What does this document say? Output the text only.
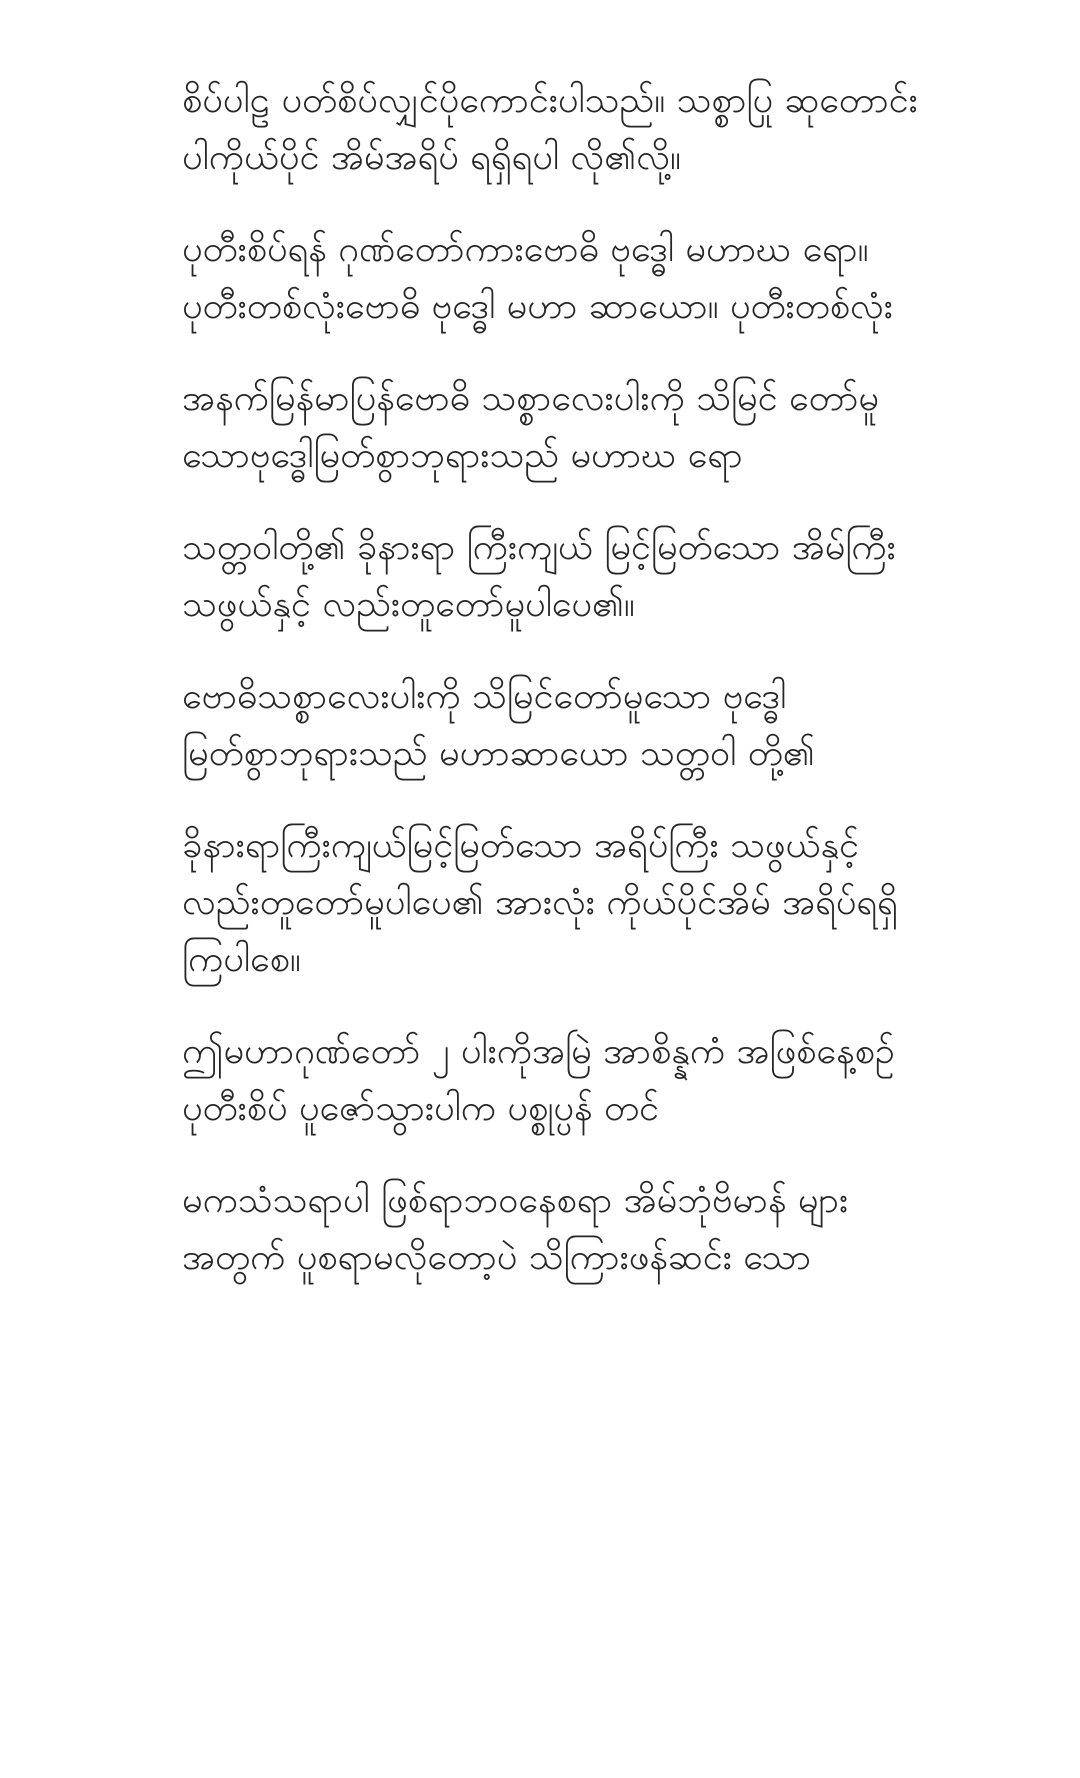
စိပ်ပါဠ ပတ်စိပ်လျှင်ပိုကောင်းပါသည်။ သစ္စာပြု ဆုတောင်းပါကိုယ်ပိုင် အိမ်အရိပ် ရရှိရပါ လို၏လို့။

ပုတီးစိပ်ရန် ဂုဏ်တော်ကားဗောဓိ ဗုဒ္ဓေါ မဟာဃ ရော။ ပုတီးတစ်လုံးဗောဓိ ဗုဒ္ဓေါ မဟာ ဆာယော။ ပုတီးတစ်လုံး

အနက်မြန်မာပြန်ဗောဓိ သစ္စာလေးပါးကို သိမြင် တော်မူသောဗုဒ္ဓေါမြတ်စွာဘုရားသည် မဟာဃ ရော

သတ္တဝါတို့၏ ခိုနားရာ ကြီးကျယ် မြင့်မြတ်သော အိမ်ကြီးသဖွယ်နှင့် လည်းတူတော်မူပါပေ၏။

ဗောဓိသစ္စာလေးပါးကို သိမြင်တော်မူသော ဗုဒ္ဓေါ မြတ်စွာဘုရားသည် မဟာဆာယော သတ္တဝါ တို့၏

ခိုနားရာကြီးကျယ်မြင့်မြတ်သော အရိပ်ကြီး သဖွယ်နှင့်လည်းတူတော်မူပါပေ၏ အားလုံး ကိုယ်ပိုင်အိမ် အရိပ်ရရှိကြပါစေ။

ဤမဟာဂုဏ်တော် ၂ ပါးကိုအမြဲ အာစိန္နကံ အဖြစ်နေ့စဉ် ပုတီးစိပ် ပူဇော်သွားပါက ပစ္စုပ္ပန် တင်

မကသံသရာပါ ဖြစ်ရာဘဝနေစရာ အိမ်ဘုံဗိမာန် များ အတွက် ပူစရာမလိုတော့ပဲ သိကြားဖန်ဆင်း သော
